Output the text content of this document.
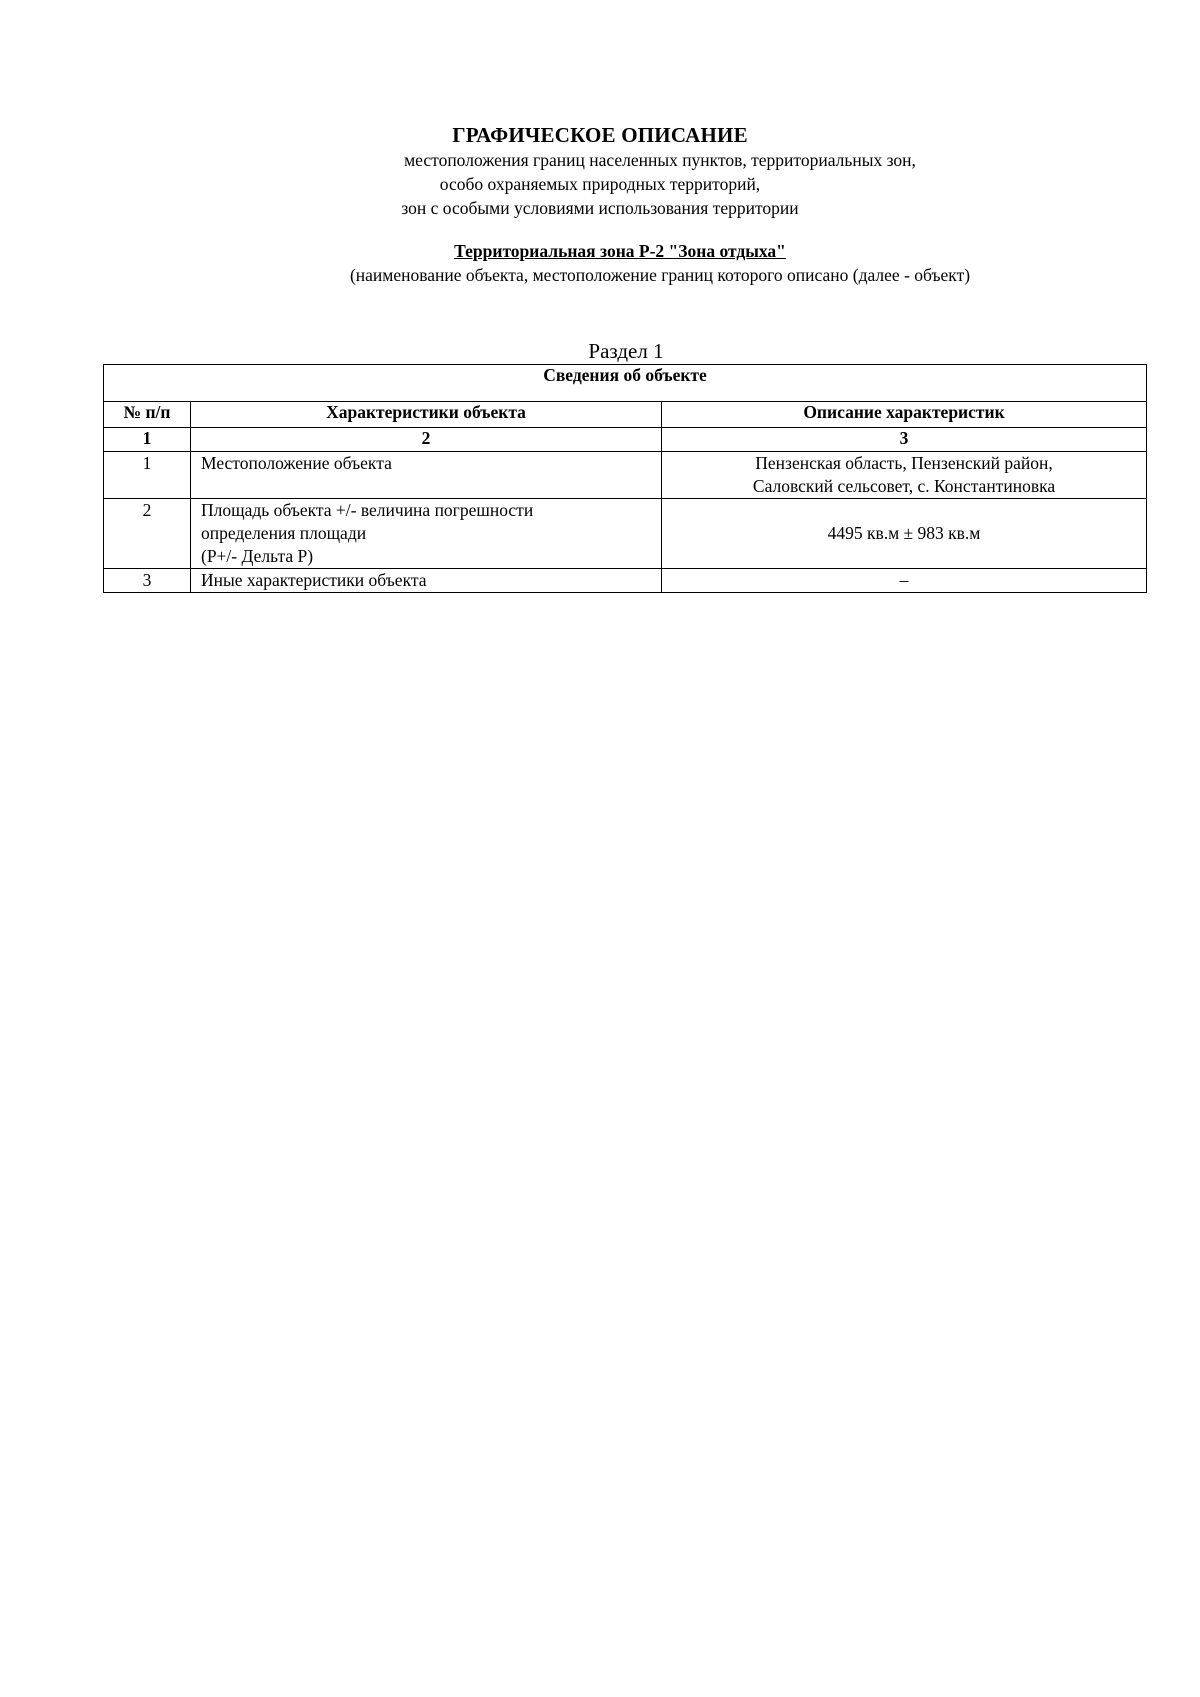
ГРАФИЧЕСКОЕ ОПИСАНИЕ
местоположения границ населенных пунктов, территориальных зон,
особо охраняемых природных территорий,
зон с особыми условиями использования территории
Территориальная зона Р-2 "Зона отдыха"
(наименование объекта, местоположение границ которого описано (далее - объект)
Раздел 1
Сведения об объекте		
№ п/п	Характеристики объекта	Описание характеристик
1	2	3
1	Местоположение объекта	Пензенская область, Пензенский район,
Саловский сельсовет, с. Константиновка

2	Площадь объекта +/- величина погрешности
определения площади
(P+/- Дельта P)	4495 кв.м ± 983 кв.м

3	Иные характеристики объекта	–
